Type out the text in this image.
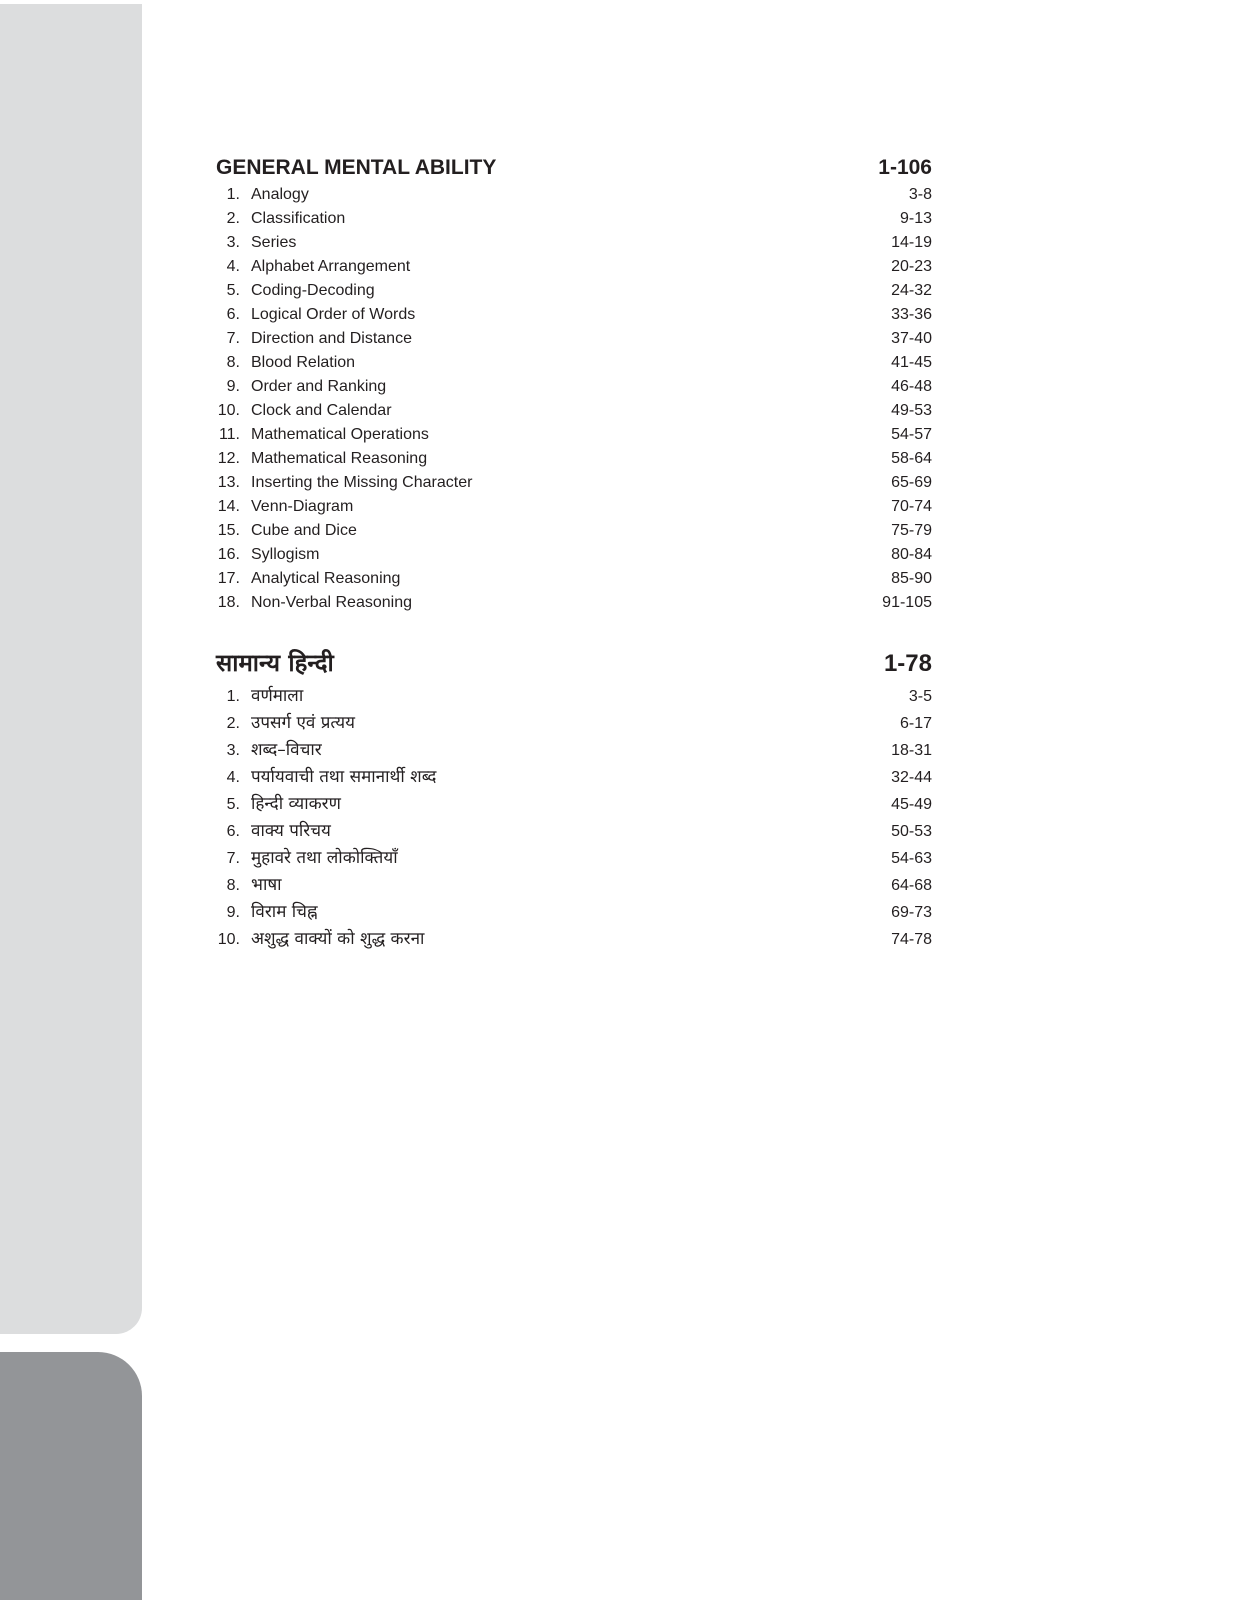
GENERAL MENTAL ABILITY	1-106
1. Analogy	3-8
2. Classification	9-13
3. Series	14-19
4. Alphabet Arrangement	20-23
5. Coding-Decoding	24-32
6. Logical Order of Words	33-36
7. Direction and Distance	37-40
8. Blood Relation	41-45
9. Order and Ranking	46-48
10. Clock and Calendar	49-53
11. Mathematical Operations	54-57
12. Mathematical Reasoning	58-64
13. Inserting the Missing Character	65-69
14. Venn-Diagram	70-74
15. Cube and Dice	75-79
16. Syllogism	80-84
17. Analytical Reasoning	85-90
18. Non-Verbal Reasoning	91-105
सामान्य हिन्दी	1-78
1. वर्णमाला	3-5
2. उपसर्ग एवं प्रत्यय	6-17
3. शब्द–विचार	18-31
4. पर्यायवाची तथा समानार्थी शब्द	32-44
5. हिन्दी व्याकरण	45-49
6. वाक्य परिचय	50-53
7. मुहावरे तथा लोकोक्तियाँ	54-63
8. भाषा	64-68
9. विराम चिह्न	69-73
10. अशुद्ध वाक्यों को शुद्ध करना	74-78
